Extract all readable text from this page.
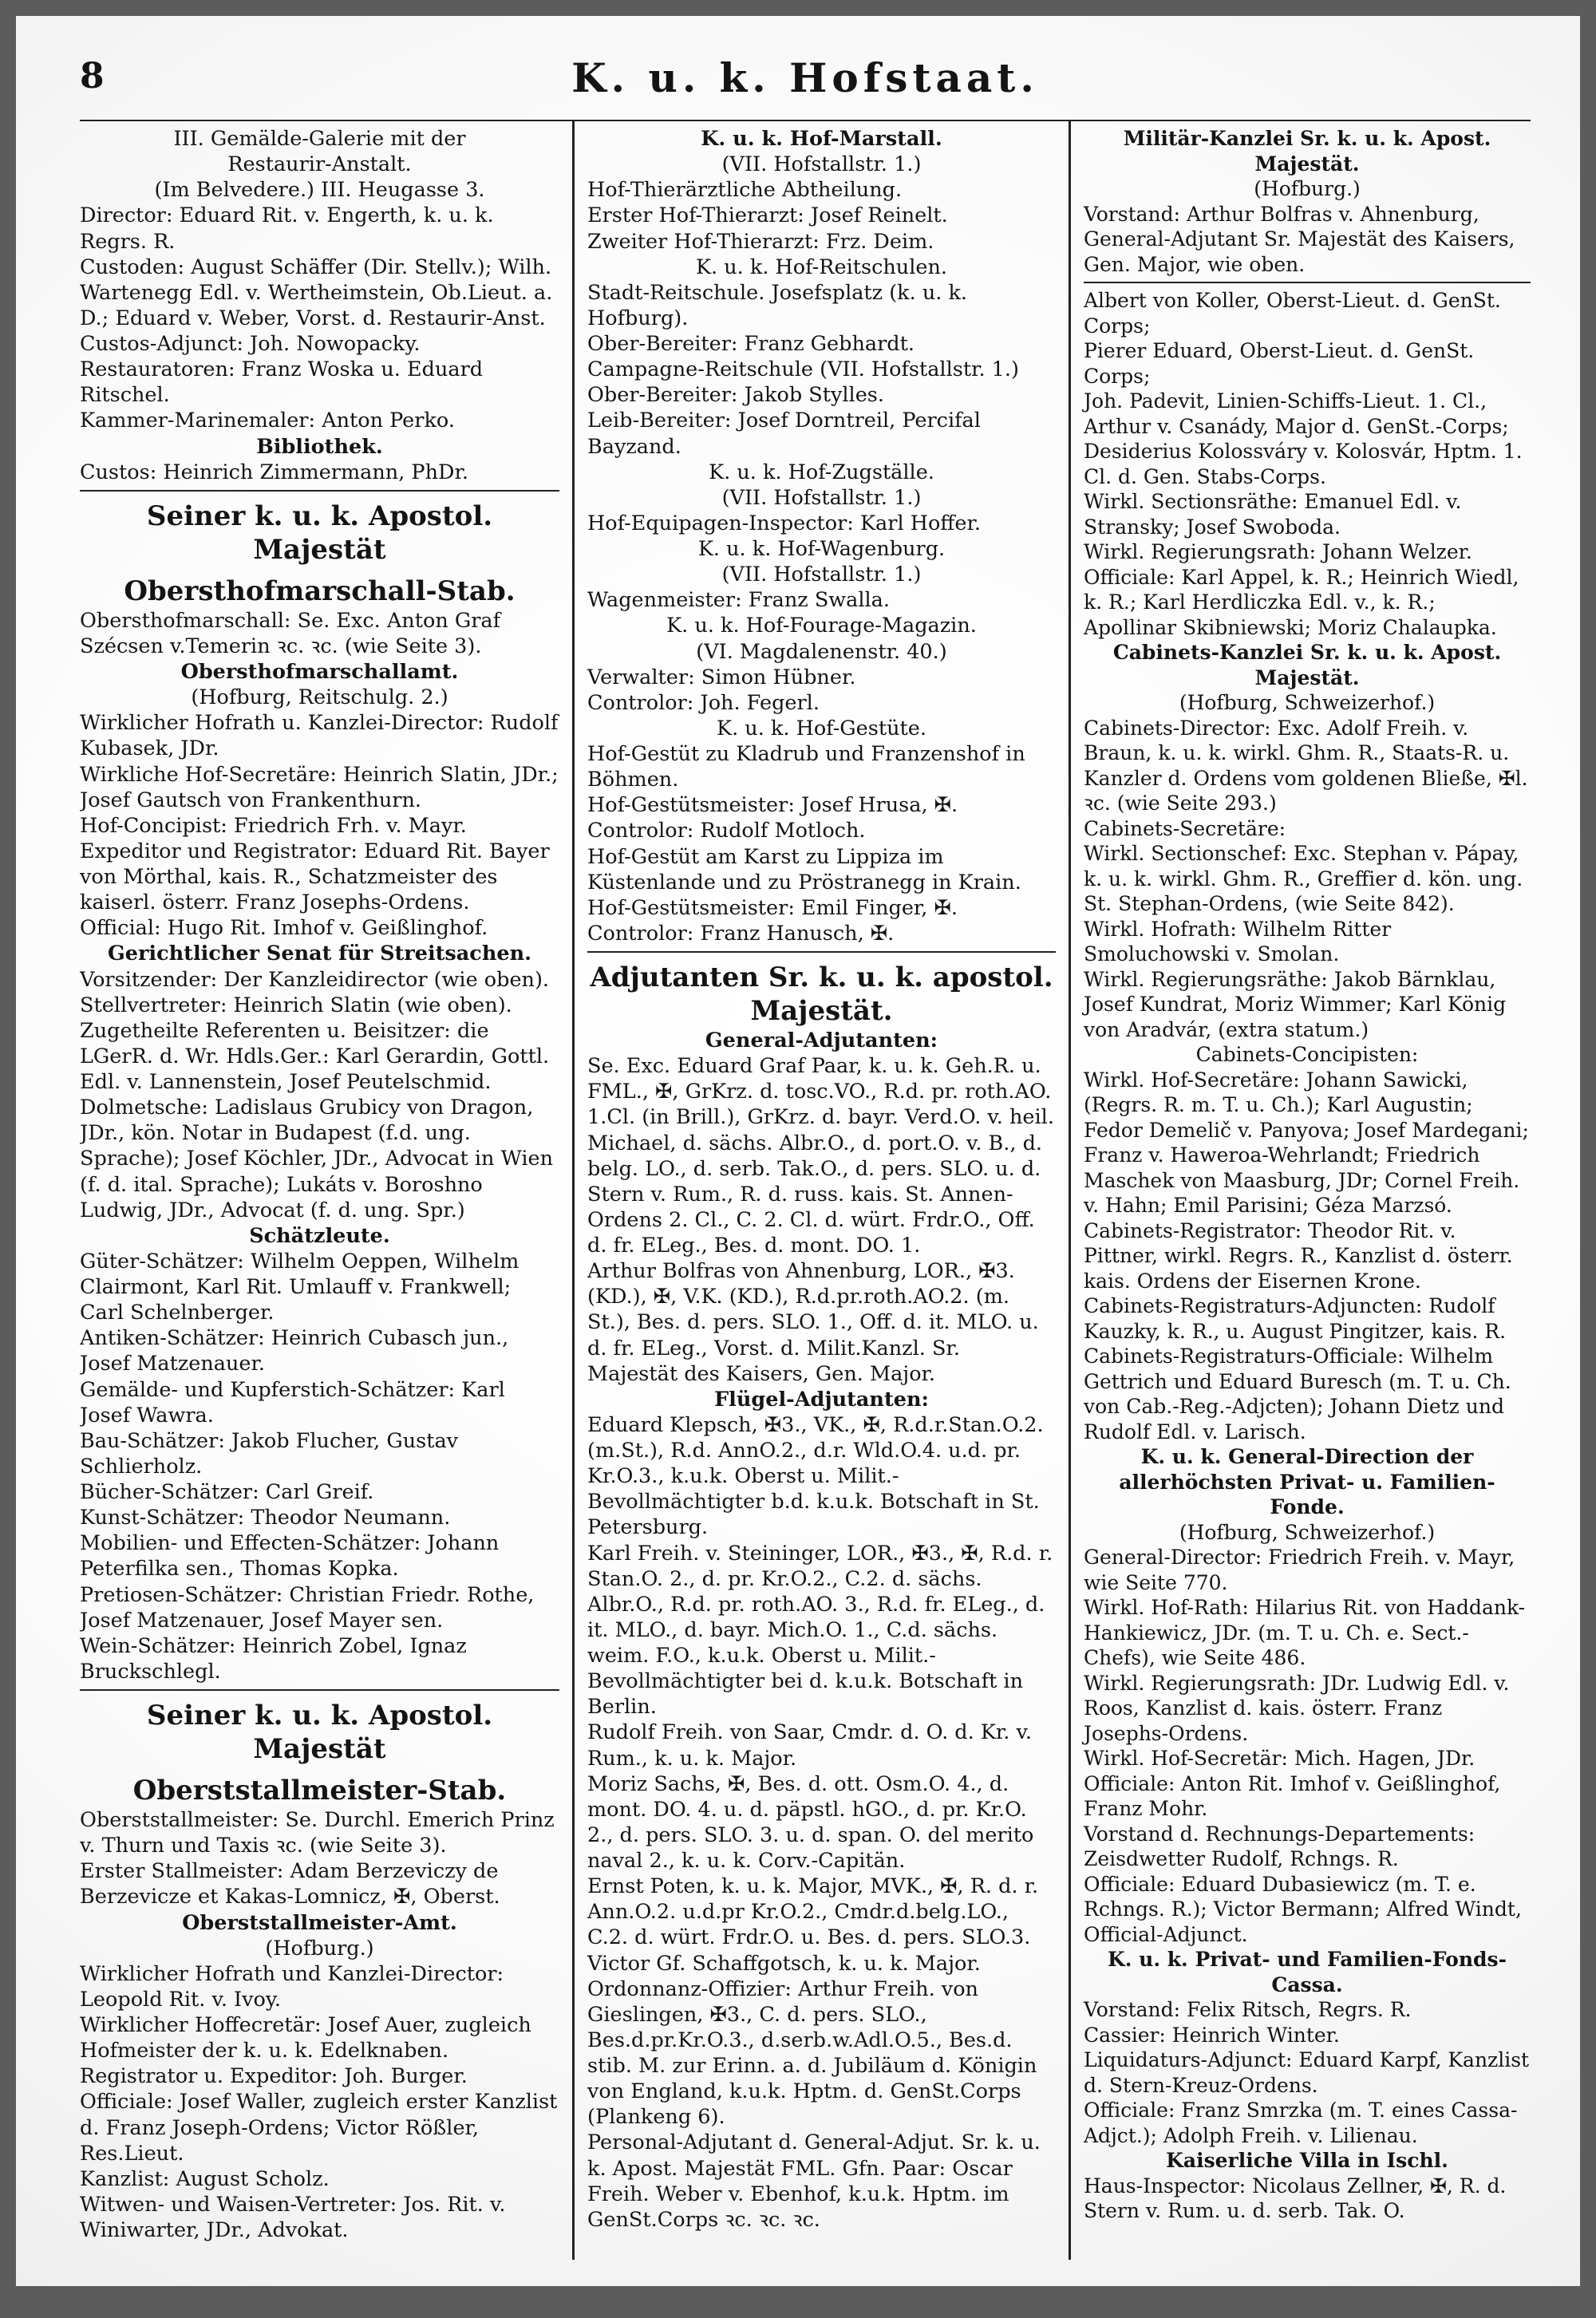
8	K. u. k. Hofstaat.

III. Gemälde-Galerie mit der

Restaurir-Anstalt.

(Im Belvedere.) III. Heugasse 3.

Director: Eduard Rit. v. Engerth, k. u. k. Regrs. R.

Custoden: August Schäffer (Dir. Stellv.); Wilh. Wartenegg Edl. v. Wertheimstein, Ob.Lieut. a. D.; Eduard v. Weber, Vorst. d. Restaurir-Anst.

Custos-Adjunct: Joh. Nowopacky.

Restauratoren: Franz Woska u. Eduard Ritschel.

Kammer-Marinemaler: Anton Perko.

Bibliothek.

Custos: Heinrich Zimmermann, PhDr.

Seiner k. u. k. Apostol. Majestät

Obersthofmarschall-Stab.

Obersthofmarschall: Se. Exc. Anton Graf Szécsen v.Temerin ꝛc. ꝛc. (wie Seite 3).

Obersthofmarschallamt.

(Hofburg, Reitschulg. 2.)

Wirklicher Hofrath u. Kanzlei-Director: Rudolf Kubasek, JDr.

Wirkliche Hof-Secretäre: Heinrich Slatin, JDr.; Josef Gautsch von Frankenthurn.

Hof-Concipist: Friedrich Frh. v. Mayr.

Expeditor und Registrator: Eduard Rit. Bayer von Mörthal, kais. R., Schatzmeister des kaiserl. österr. Franz Josephs-Ordens.

Official: Hugo Rit. Imhof v. Geißlinghof.

Gerichtlicher Senat für Streitsachen.

Vorsitzender: Der Kanzleidirector (wie oben).

Stellvertreter: Heinrich Slatin (wie oben).

Zugetheilte Referenten u. Beisitzer: die LGerR. d. Wr. Hdls.Ger.: Karl Gerardin, Gottl. Edl. v. Lannenstein, Josef Peutelschmid.

Dolmetsche: Ladislaus Grubicy von Dragon, JDr., kön. Notar in Budapest (f.d. ung. Sprache); Josef Köchler, JDr., Advocat in Wien (f. d. ital. Sprache); Lukáts v. Boroshno Ludwig, JDr., Advocat (f. d. ung. Spr.)

Schätzleute.

Güter-Schätzer: Wilhelm Oeppen, Wilhelm Clairmont, Karl Rit. Umlauff v. Frankwell; Carl Schelnberger.

Antiken-Schätzer: Heinrich Cubasch jun., Josef Matzenauer.

Gemälde- und Kupferstich-Schätzer: Karl Josef Wawra.

Bau-Schätzer: Jakob Flucher, Gustav Schlierholz.

Bücher-Schätzer: Carl Greif.

Kunst-Schätzer: Theodor Neumann.

Mobilien- und Effecten-Schätzer: Johann Peterfilka sen., Thomas Kopka.

Pretiosen-Schätzer: Christian Friedr. Rothe, Josef Matzenauer, Josef Mayer sen.

Wein-Schätzer: Heinrich Zobel, Ignaz Bruckschlegl.

Seiner k. u. k. Apostol. Majestät

Oberststallmeister-Stab.

Oberststallmeister: Se. Durchl. Emerich Prinz v. Thurn und Taxis ꝛc. (wie Seite 3).

Erster Stallmeister: Adam Berzeviczy de Berzevicze et Kakas-Lomnicz, ✠, Oberst.

Oberststallmeister-Amt.

(Hofburg.)

Wirklicher Hofrath und Kanzlei-Director: Leopold Rit. v. Ivoy.

Wirklicher Hoffecretär: Josef Auer, zugleich Hofmeister der k. u. k. Edelknaben.

Registrator u. Expeditor: Joh. Burger.

Officiale: Josef Waller, zugleich erster Kanzlist d. Franz Joseph-Ordens; Victor Rößler, Res.Lieut.

Kanzlist: August Scholz.

Witwen- und Waisen-Vertreter: Jos. Rit. v. Winiwarter, JDr., Advokat.

K. u. k. Hof-Marstall.

(VII. Hofstallstr. 1.)

Hof-Thierärztliche Abtheilung.

Erster Hof-Thierarzt: Josef Reinelt.

Zweiter Hof-Thierarzt: Frz. Deim.

K. u. k. Hof-Reitschulen.

Stadt-Reitschule. Josefsplatz (k. u. k. Hofburg).

Ober-Bereiter: Franz Gebhardt.

Campagne-Reitschule (VII. Hofstallstr. 1.)

Ober-Bereiter: Jakob Stylles.

Leib-Bereiter: Josef Dorntreil, Percifal Bayzand.

K. u. k. Hof-Zugställe.

(VII. Hofstallstr. 1.)

Hof-Equipagen-Inspector: Karl Hoffer.

K. u. k. Hof-Wagenburg.

(VII. Hofstallstr. 1.)

Wagenmeister: Franz Swalla.

K. u. k. Hof-Fourage-Magazin.

(VI. Magdalenenstr. 40.)

Verwalter: Simon Hübner.

Controlor: Joh. Fegerl.

K. u. k. Hof-Gestüte.

Hof-Gestüt zu Kladrub und Franzenshof in Böhmen.

Hof-Gestütsmeister: Josef Hrusa, ✠.

Controlor: Rudolf Motloch.

Hof-Gestüt am Karst zu Lippiza im Küstenlande und zu Pröstranegg in Krain.

Hof-Gestütsmeister: Emil Finger, ✠.

Controlor: Franz Hanusch, ✠.

Adjutanten Sr. k. u. k. apostol. Majestät.

General-Adjutanten:

Se. Exc. Eduard Graf Paar, k. u. k. Geh.R. u. FML., ✠, GrKrz. d. tosc.VO., R.d. pr. roth.AO. 1.Cl. (in Brill.), GrKrz. d. bayr. Verd.O. v. heil. Michael, d. sächs. Albr.O., d. port.O. v. B., d. belg. LO., d. serb. Tak.O., d. pers. SLO. u. d. Stern v. Rum., R. d. russ. kais. St. Annen-Ordens 2. Cl., C. 2. Cl. d. würt. Frdr.O., Off. d. fr. ELeg., Bes. d. mont. DO. 1.

Arthur Bolfras von Ahnenburg, LOR., ✠3. (KD.), ✠, V.K. (KD.), R.d.pr.roth.AO.2. (m. St.), Bes. d. pers. SLO. 1., Off. d. it. MLO. u. d. fr. ELeg., Vorst. d. Milit.Kanzl. Sr. Majestät des Kaisers, Gen. Major.

Flügel-Adjutanten:

Eduard Klepsch, ✠3., VK., ✠, R.d.r.Stan.O.2. (m.St.), R.d. AnnO.2., d.r. Wld.O.4. u.d. pr. Kr.O.3., k.u.k. Oberst u. Milit.-Bevollmächtigter b.d. k.u.k. Botschaft in St. Petersburg.

Karl Freih. v. Steininger, LOR., ✠3., ✠, R.d. r. Stan.O. 2., d. pr. Kr.O.2., C.2. d. sächs. Albr.O., R.d. pr. roth.AO. 3., R.d. fr. ELeg., d. it. MLO., d. bayr. Mich.O. 1., C.d. sächs. weim. F.O., k.u.k. Oberst u. Milit.-Bevollmächtigter bei d. k.u.k. Botschaft in Berlin.

Rudolf Freih. von Saar, Cmdr. d. O. d. Kr. v. Rum., k. u. k. Major.

Moriz Sachs, ✠, Bes. d. ott. Osm.O. 4., d. mont. DO. 4. u. d. päpstl. hGO., d. pr. Kr.O. 2., d. pers. SLO. 3. u. d. span. O. del merito naval 2., k. u. k. Corv.-Capitän.

Ernst Poten, k. u. k. Major, MVK., ✠, R. d. r. Ann.O.2. u.d.pr Kr.O.2., Cmdr.d.belg.LO., C.2. d. würt. Frdr.O. u. Bes. d. pers. SLO.3.

Victor Gf. Schaffgotsch, k. u. k. Major.

Ordonnanz-Offizier: Arthur Freih. von Gieslingen, ✠3., C. d. pers. SLO., Bes.d.pr.Kr.O.3., d.serb.w.Adl.O.5., Bes.d. stib. M. zur Erinn. a. d. Jubiläum d. Königin von England, k.u.k. Hptm. d. GenSt.Corps (Plankeng 6).

Personal-Adjutant d. General-Adjut. Sr. k. u. k. Apost. Majestät FML. Gfn. Paar: Oscar Freih. Weber v. Ebenhof, k.u.k. Hptm. im GenSt.Corps ꝛc. ꝛc. ꝛc.

Militär-Kanzlei Sr. k. u. k. Apost. Majestät.

(Hofburg.)

Vorstand: Arthur Bolfras v. Ahnenburg, General-Adjutant Sr. Majestät des Kaisers, Gen. Major, wie oben.

Albert von Koller, Oberst-Lieut. d. GenSt. Corps;

Pierer Eduard, Oberst-Lieut. d. GenSt. Corps;

Joh. Padevit, Linien-Schiffs-Lieut. 1. Cl.,

Arthur v. Csanády, Major d. GenSt.-Corps;

Desiderius Kolossváry v. Kolosvár, Hptm. 1. Cl. d. Gen. Stabs-Corps.

Wirkl. Sectionsräthe: Emanuel Edl. v. Stransky; Josef Swoboda.

Wirkl. Regierungsrath: Johann Welzer.

Officiale: Karl Appel, k. R.; Heinrich Wiedl, k. R.; Karl Herdliczka Edl. v., k. R.; Apollinar Skibniewski; Moriz Chalaupka.

Cabinets-Kanzlei Sr. k. u. k. Apost. Majestät.

(Hofburg, Schweizerhof.)

Cabinets-Director: Exc. Adolf Freih. v. Braun, k. u. k. wirkl. Ghm. R., Staats-R. u. Kanzler d. Ordens vom goldenen Bließe, ✠l. ꝛc. (wie Seite 293.)

Cabinets-Secretäre:

Wirkl. Sectionschef: Exc. Stephan v. Pápay, k. u. k. wirkl. Ghm. R., Greffier d. kön. ung. St. Stephan-Ordens, (wie Seite 842).

Wirkl. Hofrath: Wilhelm Ritter Smoluchowski v. Smolan.

Wirkl. Regierungsräthe: Jakob Bärnklau, Josef Kundrat, Moriz Wimmer; Karl König von Aradvár, (extra statum.)

Cabinets-Concipisten:

Wirkl. Hof-Secretäre: Johann Sawicki, (Regrs. R. m. T. u. Ch.); Karl Augustin; Fedor Demelič v. Panyova; Josef Mardegani; Franz v. Haweroa-Wehrlandt; Friedrich Maschek von Maasburg, JDr; Cornel Freih. v. Hahn; Emil Parisini; Géza Marzsó.

Cabinets-Registrator: Theodor Rit. v. Pittner, wirkl. Regrs. R., Kanzlist d. österr. kais. Ordens der Eisernen Krone.

Cabinets-Registraturs-Adjuncten: Rudolf Kauzky, k. R., u. August Pingitzer, kais. R.

Cabinets-Registraturs-Officiale: Wilhelm Gettrich und Eduard Buresch (m. T. u. Ch. von Cab.-Reg.-Adjcten); Johann Dietz und Rudolf Edl. v. Larisch.

K. u. k. General-Direction der allerhöchsten Privat- u. Familien-Fonde.

(Hofburg, Schweizerhof.)

General-Director: Friedrich Freih. v. Mayr, wie Seite 770.

Wirkl. Hof-Rath: Hilarius Rit. von Haddank-Hankiewicz, JDr. (m. T. u. Ch. e. Sect.-Chefs), wie Seite 486.

Wirkl. Regierungsrath: JDr. Ludwig Edl. v. Roos, Kanzlist d. kais. österr. Franz Josephs-Ordens.

Wirkl. Hof-Secretär: Mich. Hagen, JDr.

Officiale: Anton Rit. Imhof v. Geißlinghof, Franz Mohr.

Vorstand d. Rechnungs-Departements: Zeisdwetter Rudolf, Rchngs. R.

Officiale: Eduard Dubasiewicz (m. T. e. Rchngs. R.); Victor Bermann; Alfred Windt, Official-Adjunct.

K. u. k. Privat- und Familien-Fonds-Cassa.

Vorstand: Felix Ritsch, Regrs. R.

Cassier: Heinrich Winter.

Liquidaturs-Adjunct: Eduard Karpf, Kanzlist d. Stern-Kreuz-Ordens.

Officiale: Franz Smrzka (m. T. eines Cassa-Adjct.); Adolph Freih. v. Lilienau.

Kaiserliche Villa in Ischl.

Haus-Inspector: Nicolaus Zellner, ✠, R. d. Stern v. Rum. u. d. serb. Tak. O.
